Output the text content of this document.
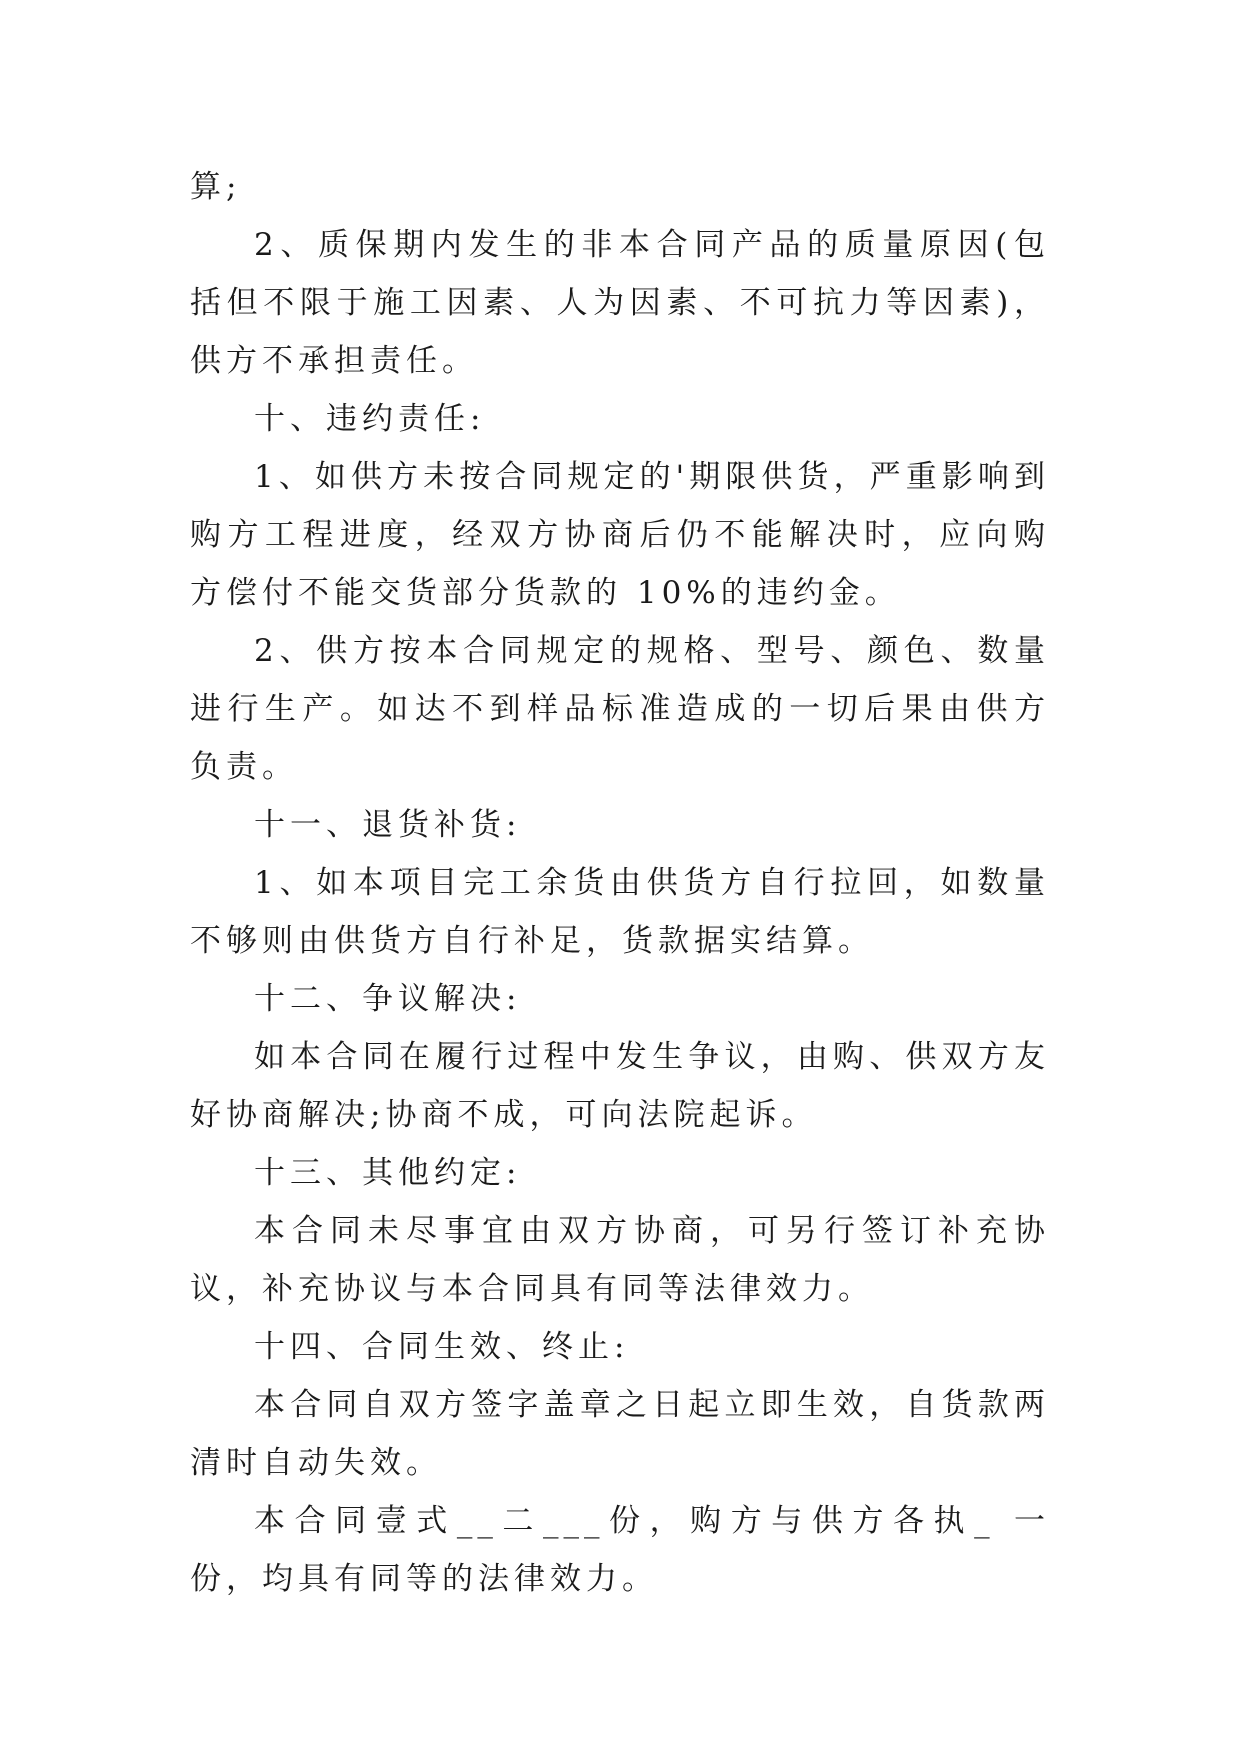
算;

2、质保期内发生的非本合同产品的质量原因(包括但不限于施工因素、人为因素、不可抗力等因素)，供方不承担责任。

十、违约责任:

1、如供方未按合同规定的'期限供货，严重影响到购方工程进度，经双方协商后仍不能解决时，应向购方偿付不能交货部分货款的 10%的违约金。

2、供方按本合同规定的规格、型号、颜色、数量进行生产。如达不到样品标准造成的一切后果由供方负责。

十一、退货补货:

1、如本项目完工余货由供货方自行拉回，如数量不够则由供货方自行补足，货款据实结算。

十二、争议解决:

如本合同在履行过程中发生争议，由购、供双方友好协商解决;协商不成，可向法院起诉。

十三、其他约定:

本合同未尽事宜由双方协商，可另行签订补充协议，补充协议与本合同具有同等法律效力。

十四、合同生效、终止:

本合同自双方签字盖章之日起立即生效，自货款两清时自动失效。

本合同壹式__二___份，购方与供方各执_ 一 份，均具有同等的法律效力。
